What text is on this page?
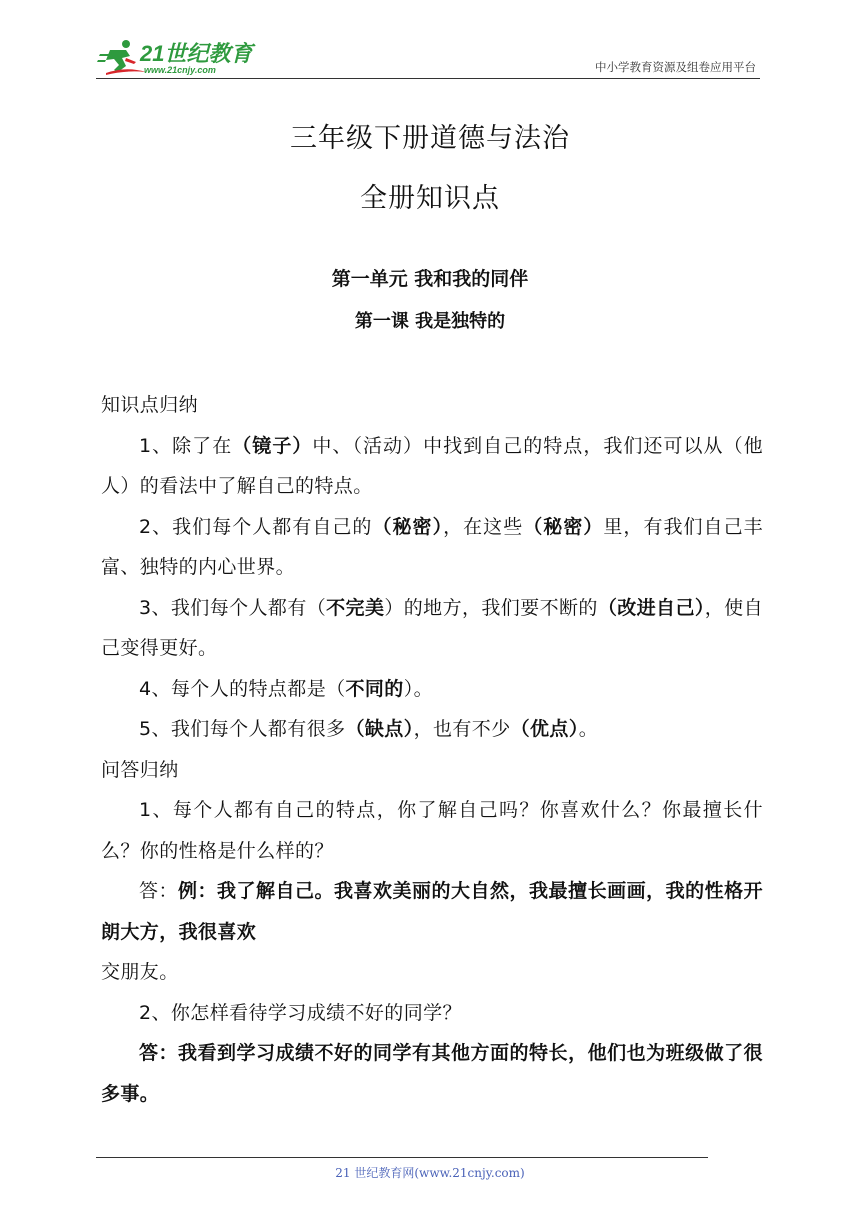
21世纪教育
www.21cnjy.com	中小学教育资源及组卷应用平台
三年级下册道德与法治
全册知识点
第一单元 我和我的同伴
第一课 我是独特的

知识点归纳

1、除了在（镜子）中、（活动）中找到自己的特点，我们还可以从（他人）的看法中了解自己的特点。

2、我们每个人都有自己的（秘密），在这些（秘密）里，有我们自己丰富、独特的内心世界。

3、我们每个人都有（不完美）的地方，我们要不断的（改进自己），使自己变得更好。

4、每个人的特点都是（不同的）。

5、我们每个人都有很多（缺点），也有不少（优点）。

问答归纳

1、每个人都有自己的特点，你了解自己吗？你喜欢什么？你最擅长什么？你的性格是什么样的？

答：例：我了解自己。我喜欢美丽的大自然，我最擅长画画，我的性格开朗大方，我很喜欢

交朋友。

2、你怎样看待学习成绩不好的同学？

答：我看到学习成绩不好的同学有其他方面的特长，他们也为班级做了很多事。

21 世纪教育网(www.21cnjy.com)
